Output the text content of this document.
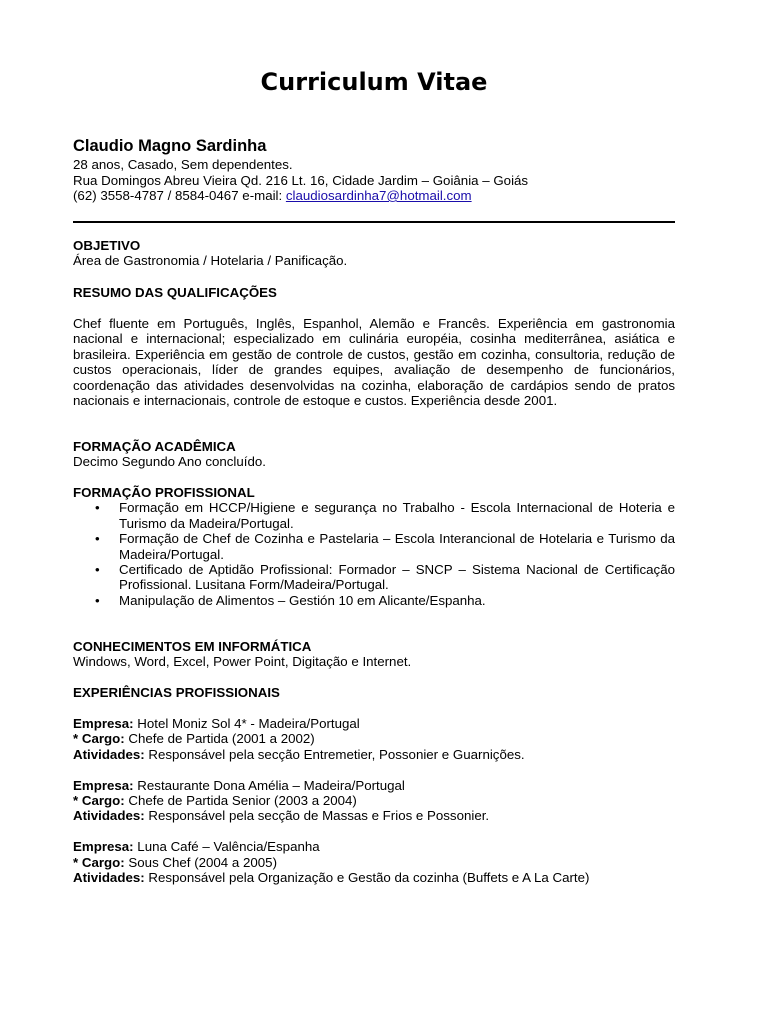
Curriculum Vitae

Claudio Magno Sardinha

28 anos, Casado, Sem dependentes.
Rua Domingos Abreu Vieira Qd. 216 Lt. 16, Cidade Jardim – Goiânia – Goiás
(62) 3558-4787 / 8584-0467 e-mail: claudiosardinha7@hotmail.com
OBJETIVO
Área de Gastronomia / Hotelaria / Panificação.
RESUMO DAS QUALIFICAÇÕES
Chef fluente em Português, Inglês, Espanhol, Alemão e Francês. Experiência em gastronomia nacional e internacional; especializado em culinária européia, cosinha mediterrânea, asiática e brasileira. Experiência em gestão de controle de custos, gestão em cozinha, consultoria, redução de custos operacionais, líder de grandes equipes, avaliação de desempenho de funcionários, coordenação das atividades desenvolvidas na cozinha, elaboração de cardápios sendo de pratos nacionais e internacionais, controle de estoque e custos. Experiência desde 2001.
FORMAÇÃO ACADÊMICA
Decimo Segundo Ano concluído.
FORMAÇÃO PROFISSIONAL
• Formação em HCCP/Higiene e segurança no Trabalho - Escola Internacional de Hoteria e Turismo da Madeira/Portugal.
• Formação de Chef de Cozinha e Pastelaria – Escola Interancional de Hotelaria e Turismo da Madeira/Portugal.
• Certificado de Aptidão Profissional: Formador – SNCP – Sistema Nacional de Certificação Profissional. Lusitana Form/Madeira/Portugal.
• Manipulação de Alimentos – Gestión 10 em Alicante/Espanha.
CONHECIMENTOS EM INFORMÁTICA
Windows, Word, Excel, Power Point, Digitação e Internet.
EXPERIÊNCIAS PROFISSIONAIS
Empresa: Hotel Moniz Sol 4* - Madeira/Portugal
* Cargo: Chefe de Partida (2001 a 2002)
Atividades: Responsável pela secção Entremetier, Possonier e Guarnições.
Empresa: Restaurante Dona Amélia – Madeira/Portugal
* Cargo: Chefe de Partida Senior (2003 a 2004)
Atividades: Responsável pela secção de Massas e Frios e Possonier.
Empresa: Luna Café – Valência/Espanha
* Cargo: Sous Chef (2004 a 2005)
Atividades: Responsável pela Organização e Gestão da cozinha (Buffets e A La Carte)
